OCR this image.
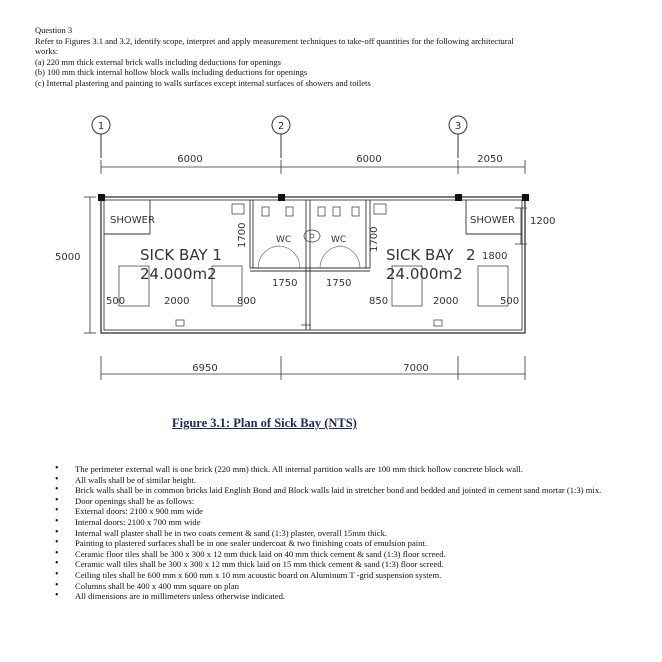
Question 3
Refer to Figures 3.1 and 3.2, identify scope, interpret and apply measurement techniques to take-off quantities for the following architectural
works:
(a) 220 mm thick external brick walls including deductions for openings
(b) 100 mm thick internal hollow block walls including deductions for openings
(c) Internal plastering and painting to walls surfaces except internal surfaces of showers and toilets
1	2	3
6000	6000	2050
SHOWER	SHOWER
SICK BAY 1	SICK BAY 2
24.000m2	24.000m2
WC	WC
1700	1700
1750	1750
500	2000	800	850	2000	500
1800
5000
1200
6950	7000
Figure 3.1: Plan of Sick Bay (NTS)
• The perimeter external wall is one brick (220 mm) thick. All internal partition walls are 100 mm thick hollow concrete block wall.
• All walls shall be of similar height.
• Brick walls shall be in common bricks laid English Bond and Block walls laid in stretcher bond and bedded and jointed in cement sand mortar (1:3) mix.
• Door openings shall be as follows:
• External doors: 2100 x 900 mm wide
• Internal doors: 2100 x 700 mm wide
• Internal wall plaster shall be in two coats cement & sand (1:3) plaster, overall 15mm thick.
• Painting to plastered surfaces shall be in one sealer undercoat & two finishing coats of emulsion paint.
• Ceramic floor tiles shall be 300 x 300 x 12 mm thick laid on 40 mm thick cement & sand (1:3) floor screed.
• Ceramic wall tiles shall be 300 x 300 x 12 mm thick laid on 15 mm thick cement & sand (1:3) floor screed.
• Ceiling tiles shall be 600 mm x 600 mm x 10 mm acoustic board on Aluminum T -grid suspension system.
• Columns shall be 400 x 400 mm square on plan
• All dimensions are in millimeters unless otherwise indicated.
